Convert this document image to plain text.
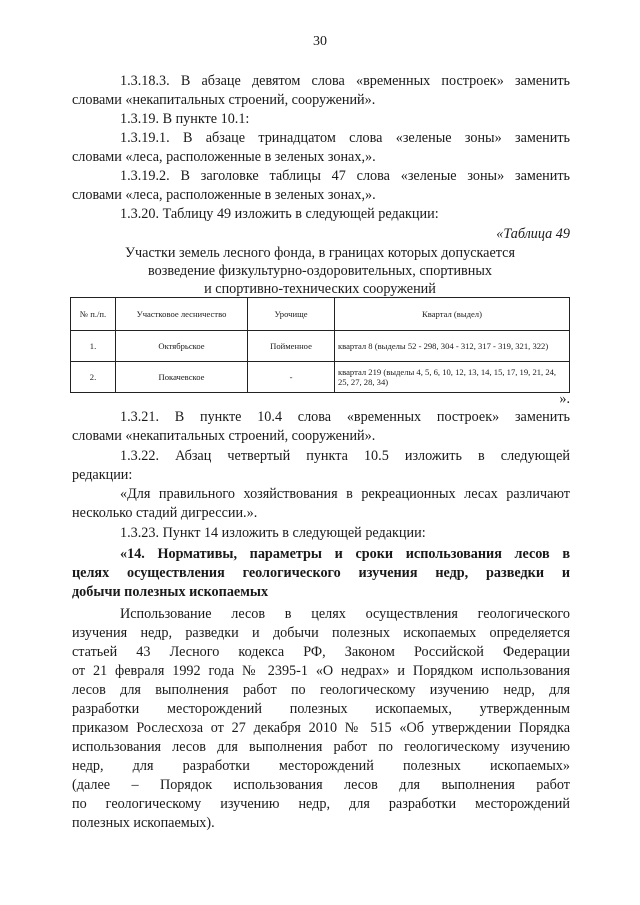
30
1.3.18.3. В абзаце девятом слова «временных построек» заменить
словами «некапитальных строений, сооружений».
1.3.19. В пункте 10.1:
1.3.19.1. В абзаце тринадцатом слова «зеленые зоны» заменить
словами «леса, расположенные в зеленых зонах,».
1.3.19.2. В заголовке таблицы 47 слова «зеленые зоны» заменить
словами «леса, расположенные в зеленых зонах,».
1.3.20. Таблицу 49 изложить в следующей редакции:
«Таблица 49
Участки земель лесного фонда, в границах которых допускается
возведение физкультурно-оздоровительных, спортивных
и спортивно-технических сооружений
№ п./п.	Участковое лесничество	Урочище	Квартал (выдел)
1.	Октябрьское	Пойменное	квартал 8 (выделы 52 - 298, 304 - 312, 317 - 319, 321, 322)
2.	Покачевское	-	квартал 219 (выделы 4, 5, 6, 10, 12, 13, 14, 15, 17, 19, 21, 24, 25, 27, 28, 34)
».
1.3.21. В пункте 10.4 слова «временных построек» заменить
словами «некапитальных строений, сооружений».
1.3.22. Абзац четвертый пункта 10.5 изложить в следующей
редакции:
«Для правильного хозяйствования в рекреационных лесах различают
несколько стадий дигрессии.».
1.3.23. Пункт 14 изложить в следующей редакции:
«14. Нормативы, параметры и сроки использования лесов в
целях осуществления геологического изучения недр, разведки и
добычи полезных ископаемых
Использование лесов в целях осуществления геологического
изучения недр, разведки и добычи полезных ископаемых определяется
статьей 43 Лесного кодекса РФ, Законом Российской Федерации
от 21 февраля 1992 года № 2395-1 «О недрах» и Порядком использования
лесов для выполнения работ по геологическому изучению недр, для
разработки месторождений полезных ископаемых, утвержденным
приказом Рослесхоза от 27 декабря 2010 № 515 «Об утверждении Порядка
использования лесов для выполнения работ по геологическому изучению
недр, для разработки месторождений полезных ископаемых»
(далее – Порядок использования лесов для выполнения работ
по геологическому изучению недр, для разработки месторождений
полезных ископаемых).
